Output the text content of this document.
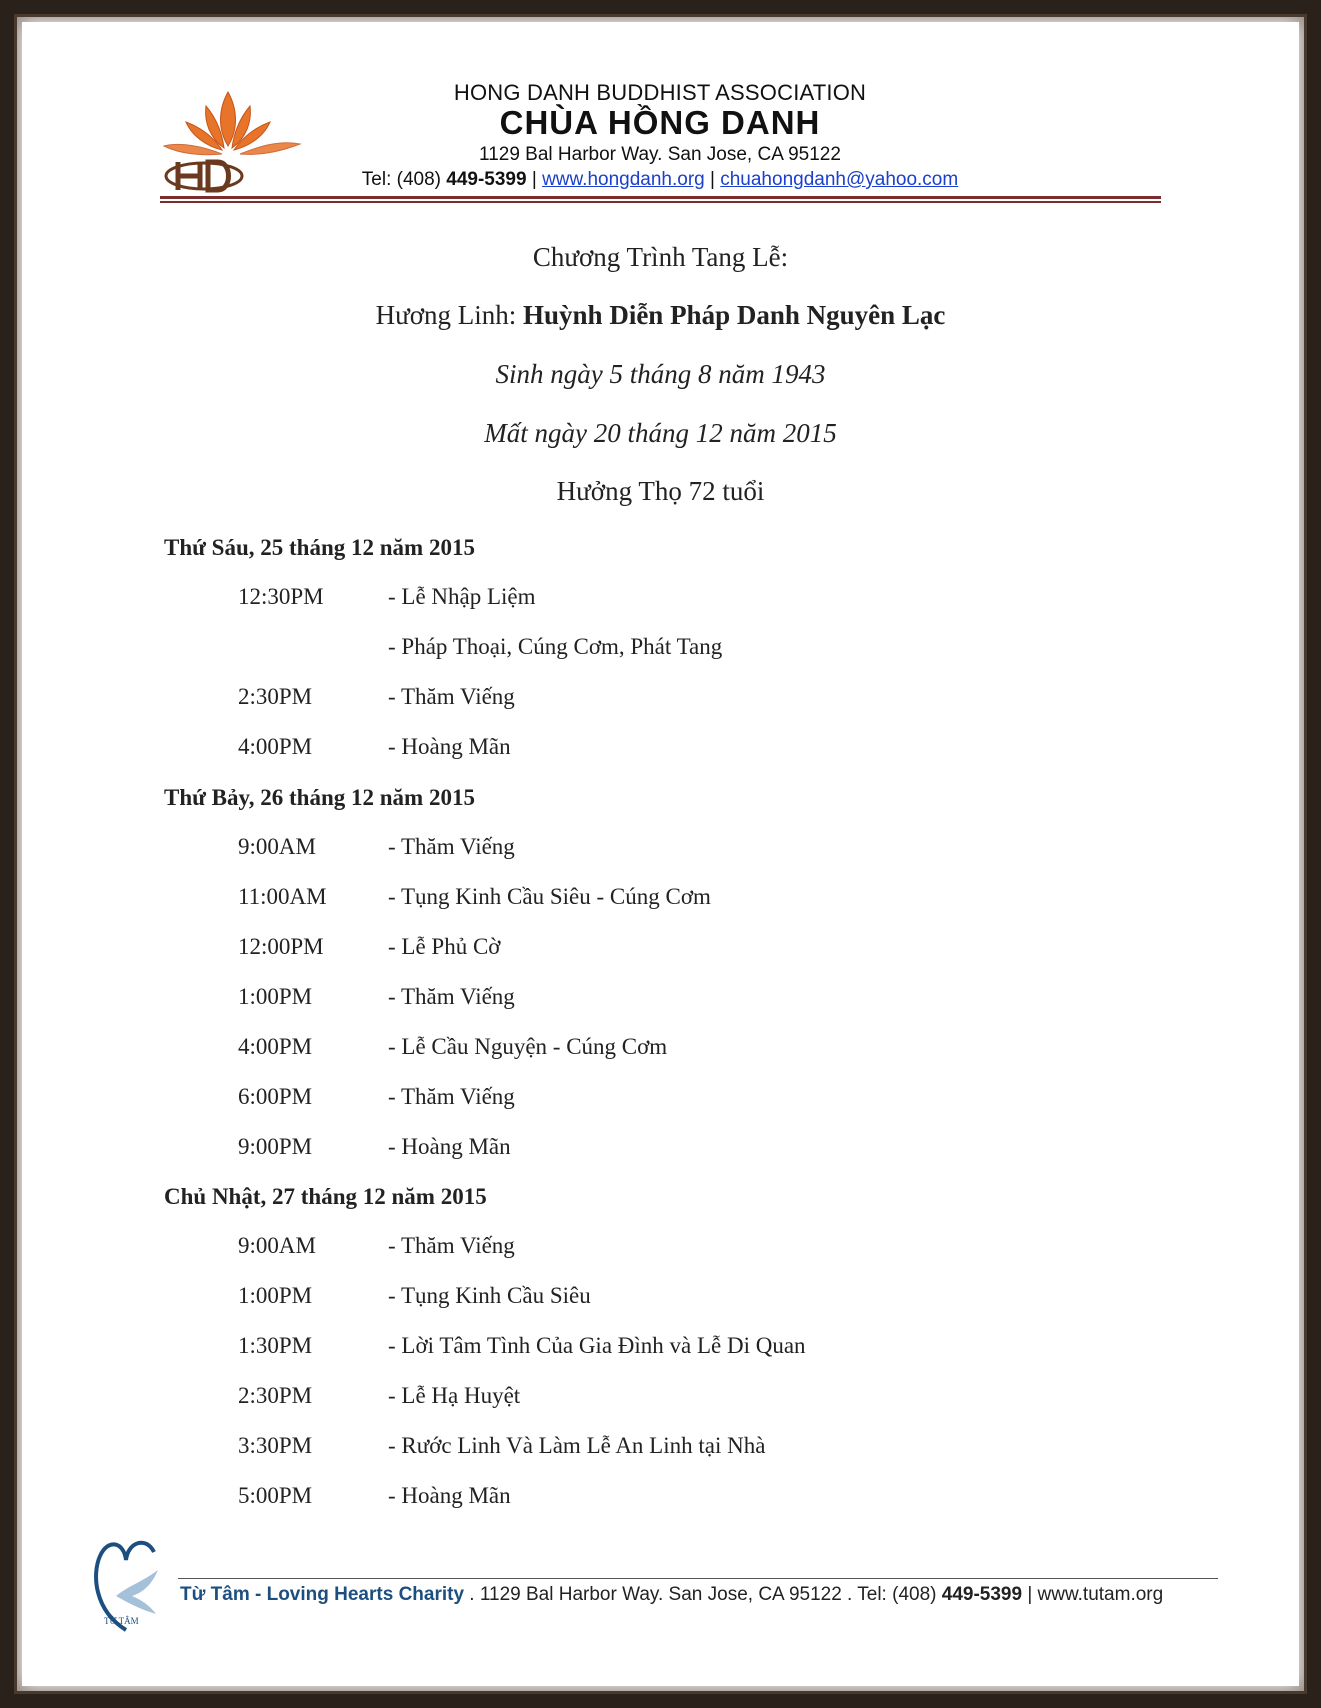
HONG DANH BUDDHIST ASSOCIATION
CHÙA HỒNG DANH
1129 Bal Harbor Way. San Jose, CA 95122
Tel: (408) 449-5399 | www.hongdanh.org | chuahongdanh@yahoo.com
Chương Trình Tang Lễ:
Hương Linh: Huỳnh Diễn Pháp Danh Nguyên Lạc
Sinh ngày 5 tháng 8 năm 1943
Mất ngày 20 tháng 12 năm 2015
Hưởng Thọ 72 tuổi
Thứ Sáu, 25 tháng 12 năm 2015
12:30PM	- Lễ Nhập Liệm
- Pháp Thoại, Cúng Cơm, Phát Tang
2:30PM	- Thăm Viếng
4:00PM	- Hoàng Mãn
Thứ Bảy, 26 tháng 12 năm 2015
9:00AM	- Thăm Viếng
11:00AM	- Tụng Kinh Cầu Siêu - Cúng Cơm
12:00PM	- Lễ Phủ Cờ
1:00PM	- Thăm Viếng
4:00PM	- Lễ Cầu Nguyện - Cúng Cơm
6:00PM	- Thăm Viếng
9:00PM	- Hoàng Mãn
Chủ Nhật, 27 tháng 12 năm 2015
9:00AM	- Thăm Viếng
1:00PM	- Tụng Kinh Cầu Siêu
1:30PM	- Lời Tâm Tình Của Gia Đình và Lễ Di Quan
2:30PM	- Lễ Hạ Huyệt
3:30PM	- Rước Linh Và Làm Lễ An Linh tại Nhà
5:00PM	- Hoàng Mãn
TỪ TÂM
Từ Tâm - Loving Hearts Charity . 1129 Bal Harbor Way. San Jose, CA 95122 . Tel: (408) 449-5399 | www.tutam.org
